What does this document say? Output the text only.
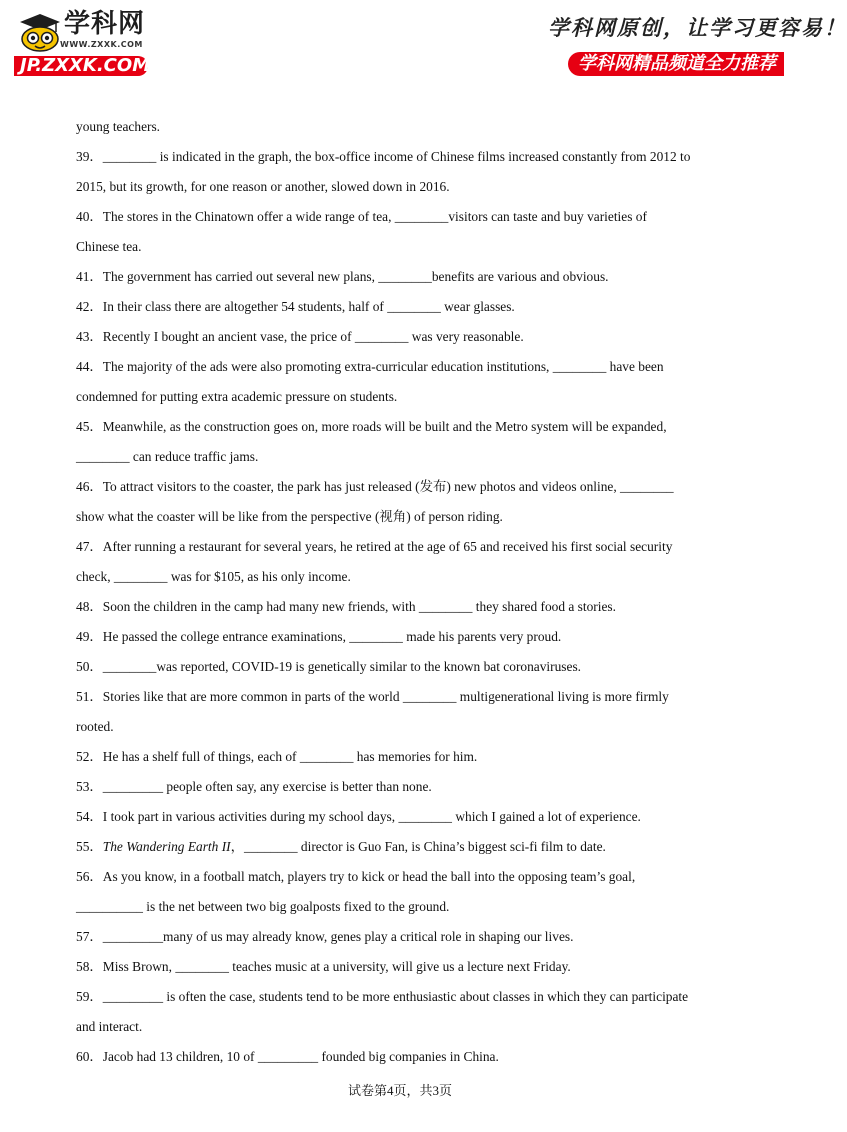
学科网
WWW.ZXXK.COM
JP.ZXXK.COM
学科网原创，让学习更容易！
学科网精品频道全力推荐
young teachers.
39．________ is indicated in the graph, the box-office income of Chinese films increased constantly from 2012 to
2015, but its growth, for one reason or another, slowed down in 2016.
40．The stores in the Chinatown offer a wide range of tea, ________visitors can taste and buy varieties of
Chinese tea.
41．The government has carried out several new plans, ________benefits are various and obvious.
42．In their class there are altogether 54 students, half of ________ wear glasses.
43．Recently I bought an ancient vase, the price of ________ was very reasonable.
44．The majority of the ads were also promoting extra-curricular education institutions, ________ have been
condemned for putting extra academic pressure on students.
45．Meanwhile, as the construction goes on, more roads will be built and the Metro system will be expanded,
________ can reduce traffic jams.
46．To attract visitors to the coaster, the park has just released (发布) new photos and videos online, ________
show what the coaster will be like from the perspective (视角) of person riding.
47．After running a restaurant for several years, he retired at the age of 65 and received his first social security
check, ________ was for $105, as his only income.
48．Soon the children in the camp had many new friends, with ________ they shared food a stories.
49．He passed the college entrance examinations, ________ made his parents very proud.
50．________was reported, COVID-19 is genetically similar to the known bat coronaviruses.
51．Stories like that are more common in parts of the world ________ multigenerational living is more firmly
rooted.
52．He has a shelf full of things, each of ________ has memories for him.
53．_________ people often say, any exercise is better than none.
54．I took part in various activities during my school days, ________ which I gained a lot of experience.
55．The Wandering Earth II，________ director is Guo Fan, is China’s biggest sci-fi film to date.
56．As you know, in a football match, players try to kick or head the ball into the opposing team’s goal,
__________ is the net between two big goalposts fixed to the ground.
57．_________many of us may already know, genes play a critical role in shaping our lives.
58．Miss Brown, ________ teaches music at a university, will give us a lecture next Friday.
59．_________ is often the case, students tend to be more enthusiastic about classes in which they can participate
and interact.
60．Jacob had 13 children, 10 of _________ founded big companies in China.
试卷第4页，共3页
